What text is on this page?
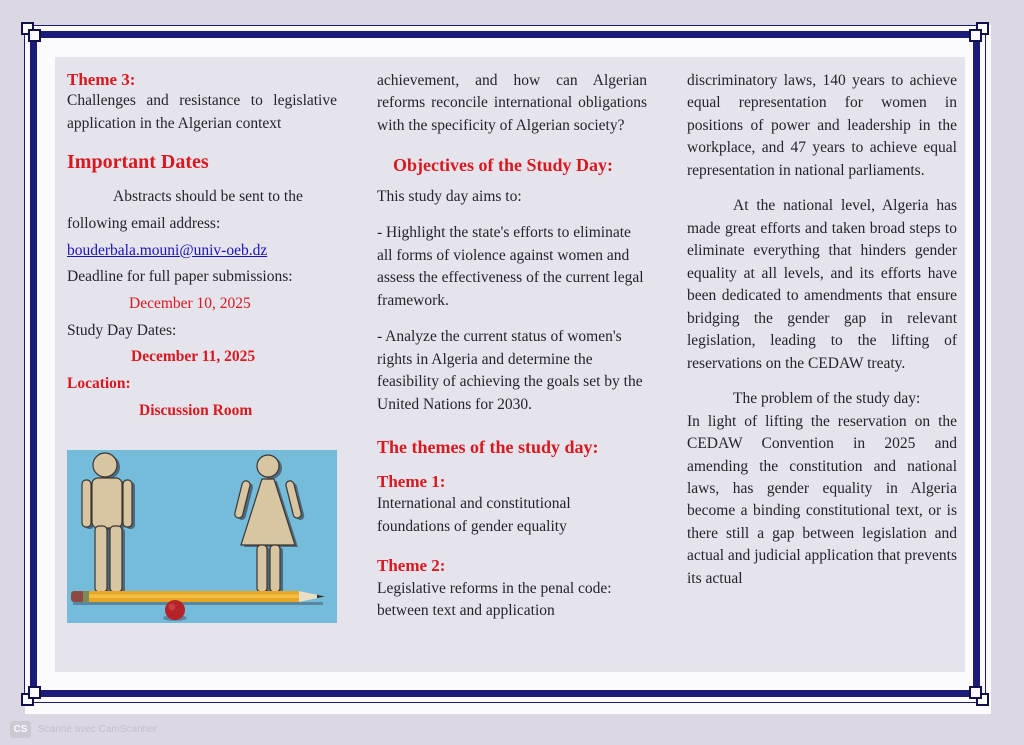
Theme 3:

Challenges and resistance to legislative application in the Algerian context

Important Dates

Abstracts should be sent to the following email address:

bouderbala.mouni@univ-oeb.dz

Deadline for full paper submissions:

December 10, 2025

Study Day Dates:

December 11, 2025

Location:

Discussion Room

achievement, and how can Algerian reforms reconcile international obligations with the specificity of Algerian society?

Objectives of the Study Day:

This study day aims to:

- Highlight the state's efforts to eliminate all forms of violence against women and assess the effectiveness of the current legal framework.

- Analyze the current status of women's rights in Algeria and determine the feasibility of achieving the goals set by the United Nations for 2030.

The themes of the study day:
Theme 1:

International and constitutional foundations of gender equality

Theme 2:

Legislative reforms in the penal code: between text and application

discriminatory laws, 140 years to achieve equal representation for women in positions of power and leadership in the workplace, and 47 years to achieve equal representation in national parliaments.

At the national level, Algeria has made great efforts and taken broad steps to eliminate everything that hinders gender equality at all levels, and its efforts have been dedicated to amendments that ensure bridging the gender gap in relevant legislation, leading to the lifting of reservations on the CEDAW treaty.

The problem of the study day:

In light of lifting the reservation on the CEDAW Convention in 2025 and amending the constitution and national laws, has gender equality in Algeria become a binding constitutional text, or is there still a gap between legislation and actual and judicial application that prevents its actual

CS	Scanné avec CamScanner
